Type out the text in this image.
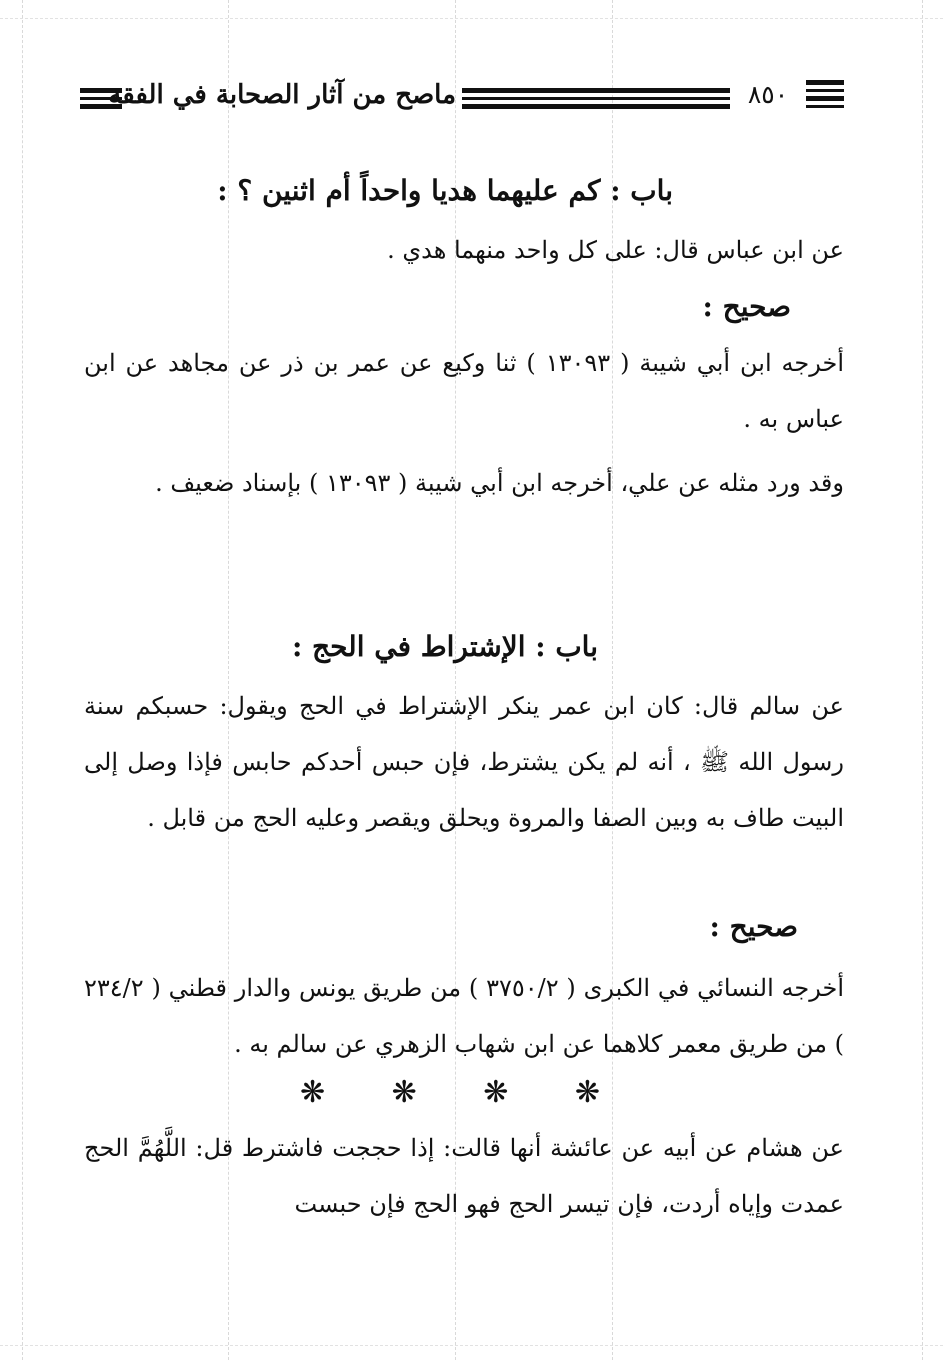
ماصح من آثار الصحابة في الفقه	٨٥٠
باب : كم عليهما هديا واحداً أم اثنين ؟ :
عن ابن عباس قال: على كل واحد منهما هدي .
صحيح :
أخرجه ابن أبي شيبة ( ١٣٠٩٣ ) ثنا وكيع عن عمر بن ذر عن مجاهد عن ابن عباس به .
وقد ورد مثله عن علي، أخرجه ابن أبي شيبة ( ١٣٠٩٣ ) بإسناد ضعيف .
باب : الإشتراط في الحج :
عن سالم قال: كان ابن عمر ينكر الإشتراط في الحج ويقول: حسبكم سنة رسول الله ﷺ ، أنه لم يكن يشترط، فإن حبس أحدكم حابس فإذا وصل إلى البيت طاف به وبين الصفا والمروة ويحلق ويقصر وعليه الحج من قابل .
صحيح :
أخرجه النسائي في الكبرى ( ٣٧٥٠/٢ ) من طريق يونس والدار قطني ( ٢٣٤/٢ ) من طريق معمر كلاهما عن ابن شهاب الزهري عن سالم به .
❋ ❋ ❋ ❋
عن هشام عن أبيه عن عائشة أنها قالت: إذا حججت فاشترط قل: اللَّهُمَّ الحج عمدت وإياه أردت، فإن تيسر الحج فهو الحج فإن حبست
